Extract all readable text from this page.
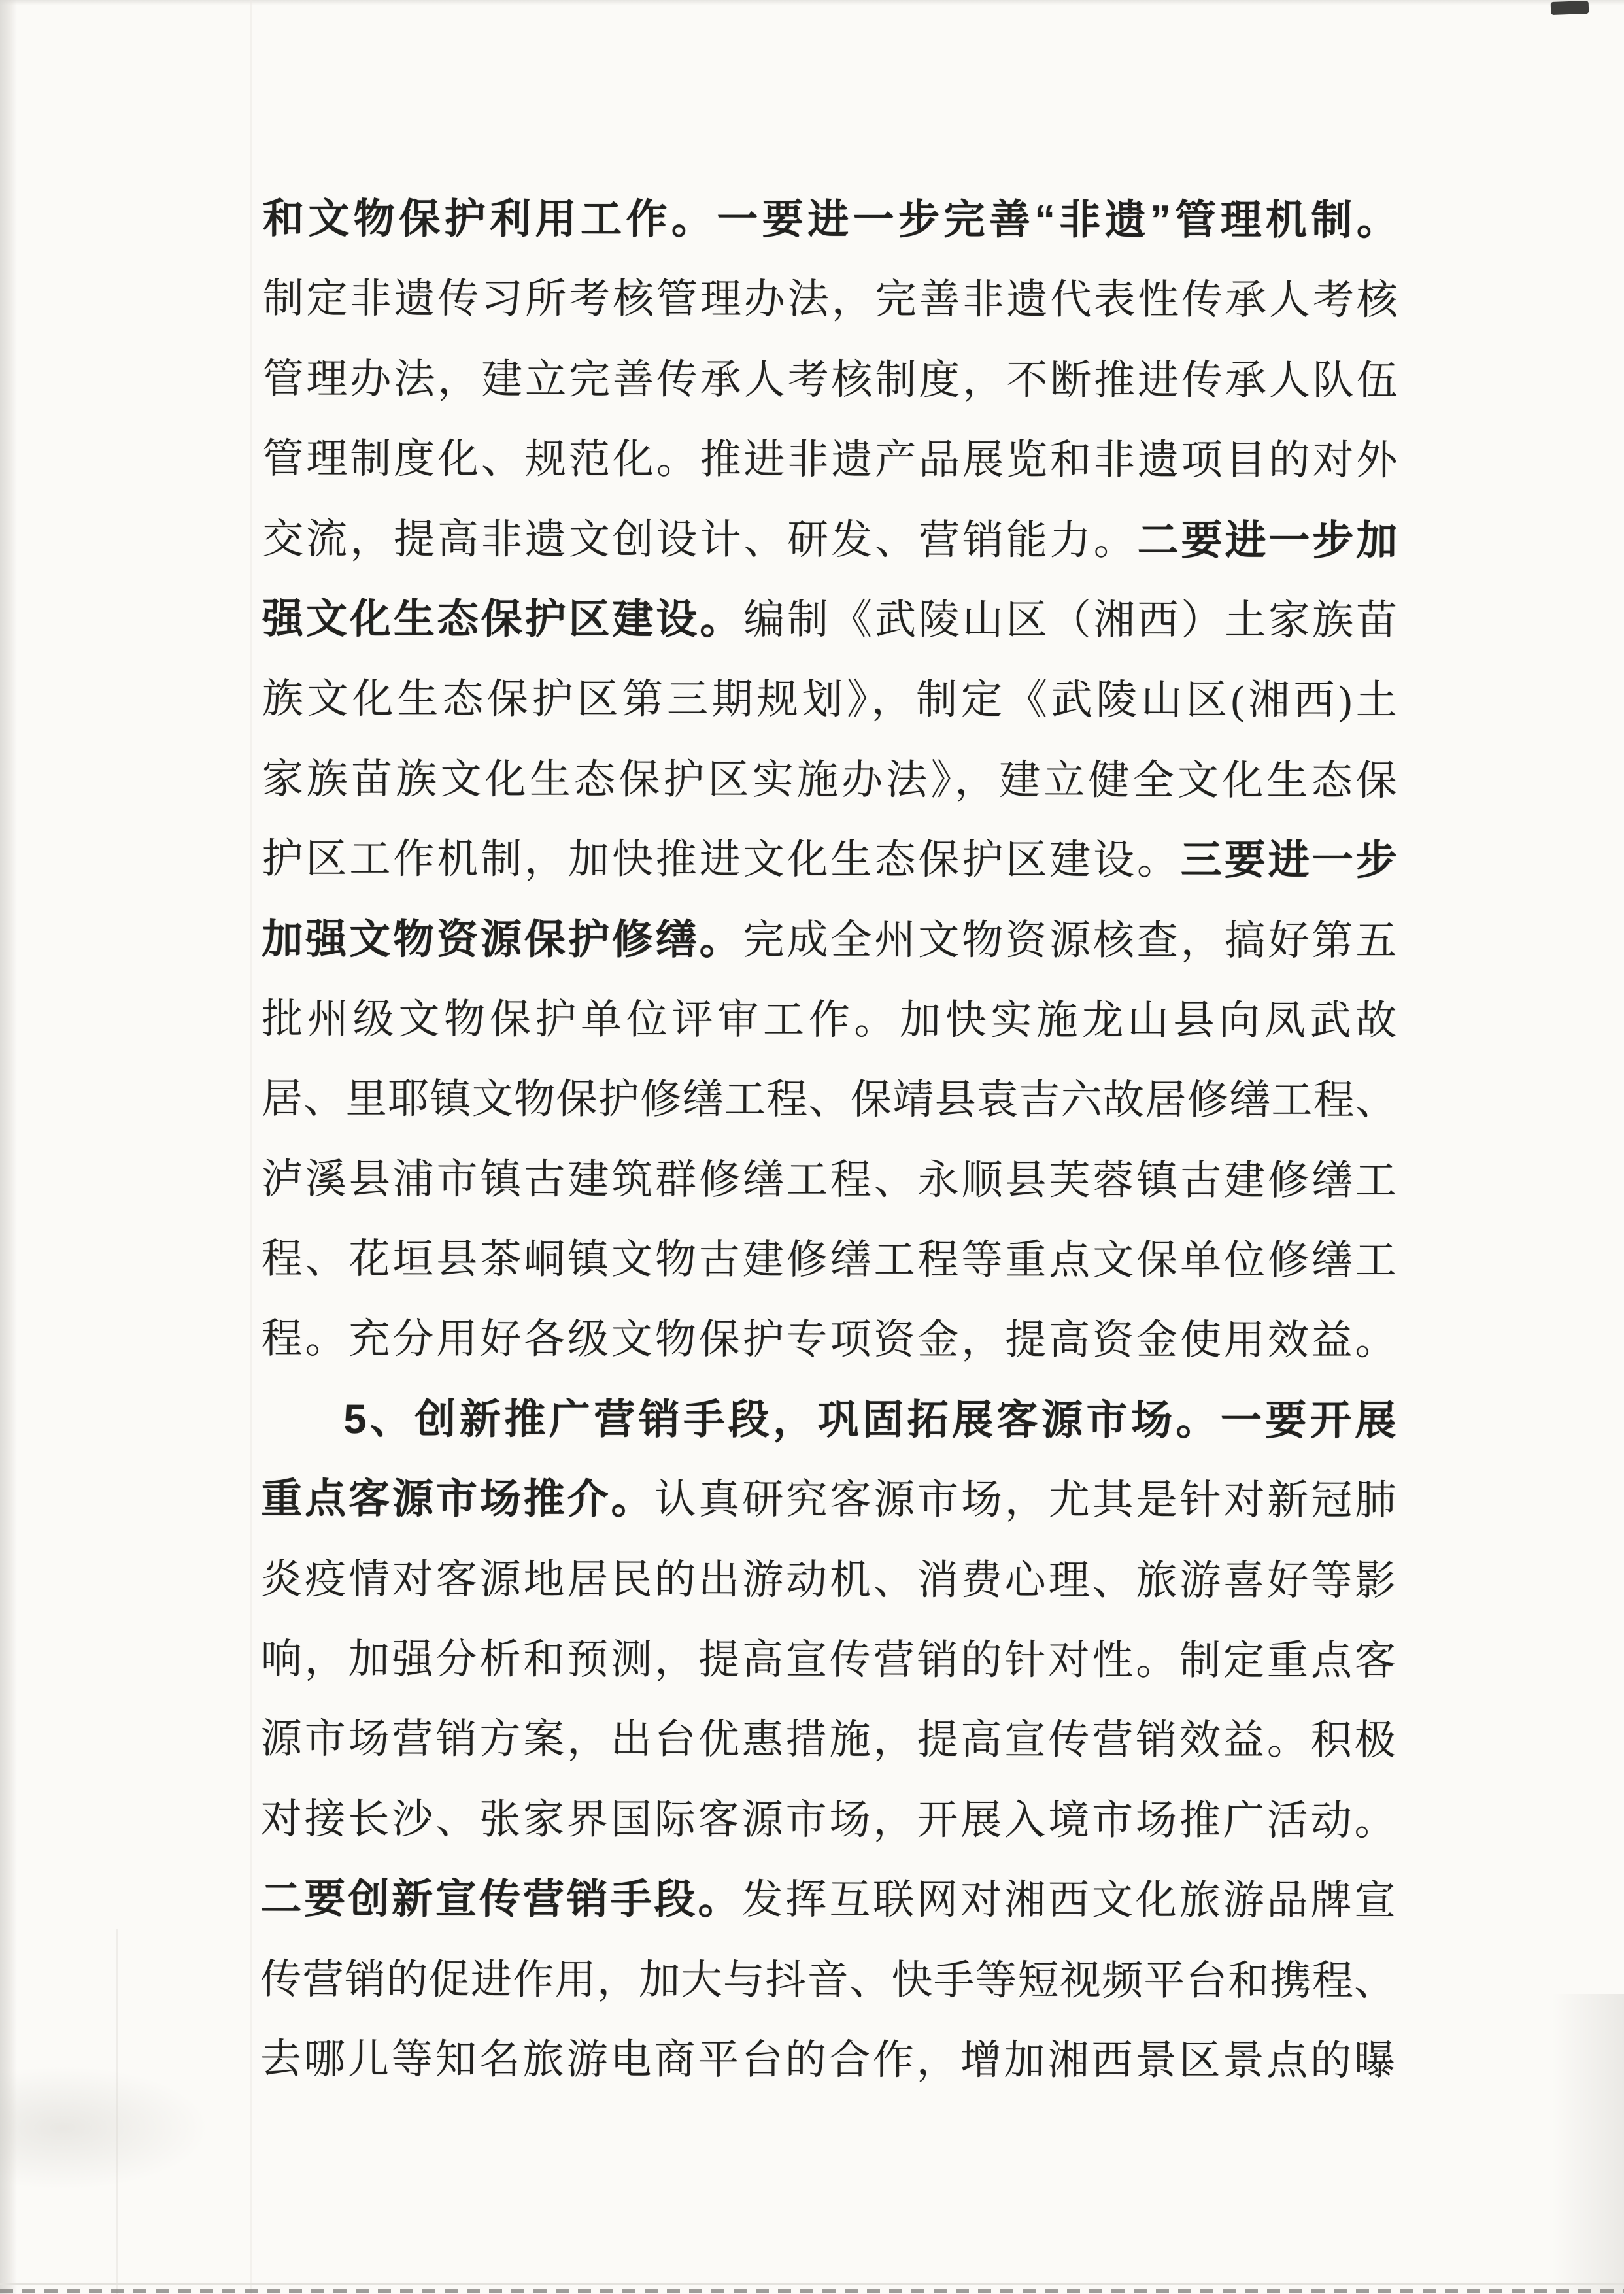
和文物保护利用工作。一要进一步完善“非遗”管理机制。
制定非遗传习所考核管理办法，完善非遗代表性传承人考核
管理办法，建立完善传承人考核制度，不断推进传承人队伍
管理制度化、规范化。推进非遗产品展览和非遗项目的对外
交流，提高非遗文创设计、研发、营销能力。二要进一步加
强文化生态保护区建设。编制《武陵山区（湘西）土家族苗
族文化生态保护区第三期规划》，制定《武陵山区(湘西)土
家族苗族文化生态保护区实施办法》，建立健全文化生态保
护区工作机制，加快推进文化生态保护区建设。三要进一步
加强文物资源保护修缮。完成全州文物资源核查，搞好第五
批州级文物保护单位评审工作。加快实施龙山县向凤武故
居、里耶镇文物保护修缮工程、保靖县袁吉六故居修缮工程、
泸溪县浦市镇古建筑群修缮工程、永顺县芙蓉镇古建修缮工
程、花垣县茶峒镇文物古建修缮工程等重点文保单位修缮工
程。充分用好各级文物保护专项资金，提高资金使用效益。
5、创新推广营销手段，巩固拓展客源市场。一要开展
重点客源市场推介。认真研究客源市场，尤其是针对新冠肺
炎疫情对客源地居民的出游动机、消费心理、旅游喜好等影
响，加强分析和预测，提高宣传营销的针对性。制定重点客
源市场营销方案，出台优惠措施，提高宣传营销效益。积极
对接长沙、张家界国际客源市场，开展入境市场推广活动。
二要创新宣传营销手段。发挥互联网对湘西文化旅游品牌宣
传营销的促进作用，加大与抖音、快手等短视频平台和携程、
去哪儿等知名旅游电商平台的合作，增加湘西景区景点的曝
